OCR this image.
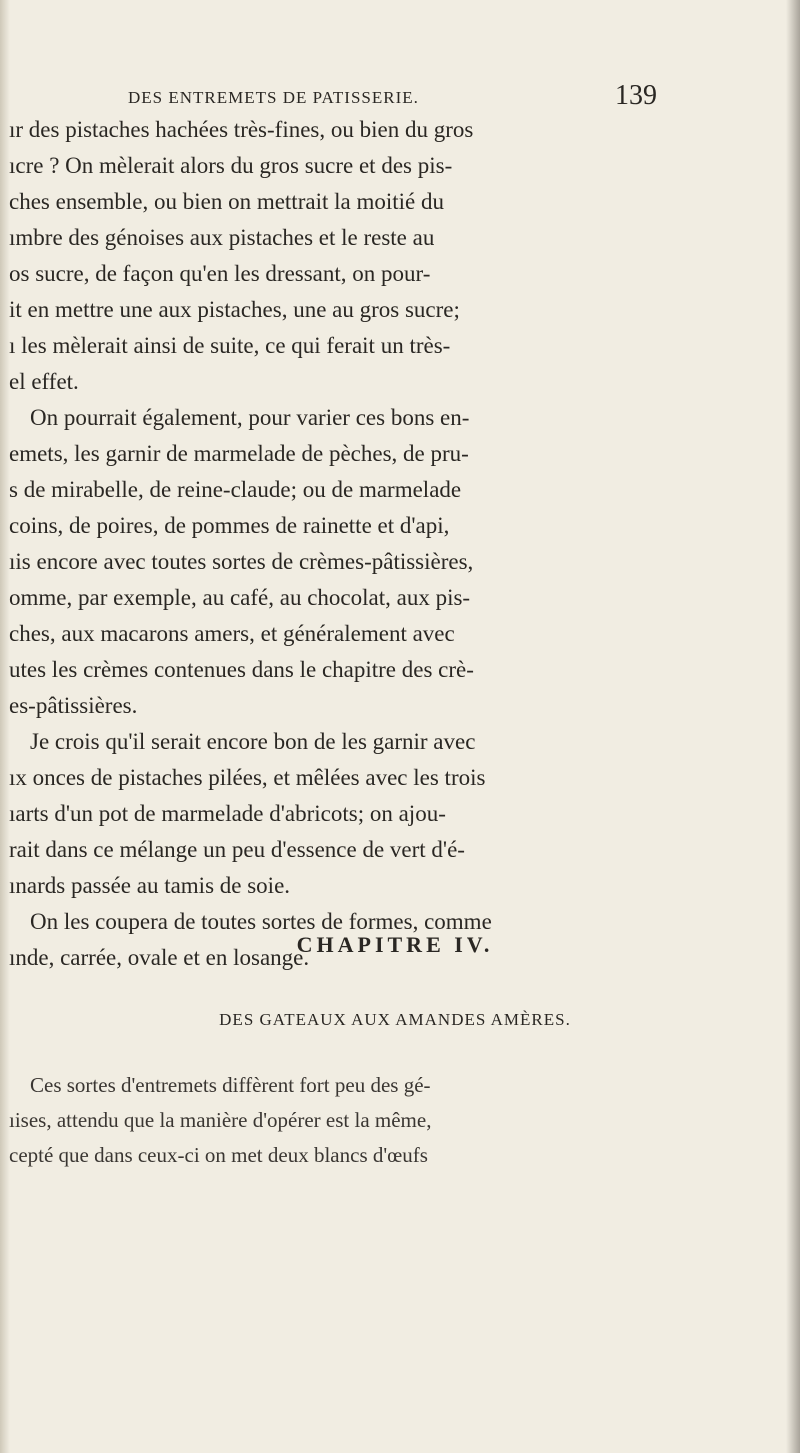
DES ENTREMETS DE PATISSERIE.	139
ır des pistaches hachées très-fines, ou bien du gros
ıcre ? On mèlerait alors du gros sucre et des pis-
ches ensemble, ou bien on mettrait la moitié du
ımbre des génoises aux pistaches et le reste au
os sucre, de façon qu'en les dressant, on pour-
it en mettre une aux pistaches, une au gros sucre;
ı les mèlerait ainsi de suite, ce qui ferait un très-
el effet.
On pourrait également, pour varier ces bons en-
emets, les garnir de marmelade de pèches, de pru-
s de mirabelle, de reine-claude; ou de marmelade
coins, de poires, de pommes de rainette et d'api,
ıis encore avec toutes sortes de crèmes-pâtissières,
omme, par exemple, au café, au chocolat, aux pis-
ches, aux macarons amers, et généralement avec
utes les crèmes contenues dans le chapitre des crè-
es-pâtissières.
Je crois qu'il serait encore bon de les garnir avec
ıx onces de pistaches pilées, et mêlées avec les trois
ıarts d'un pot de marmelade d'abricots; on ajou-
rait dans ce mélange un peu d'essence de vert d'é-
ınards passée au tamis de soie.
On les coupera de toutes sortes de formes, comme
ınde, carrée, ovale et en losange.
CHAPITRE IV.
DES GATEAUX AUX AMANDES AMÈRES.
Ces sortes d'entremets diffèrent fort peu des gé-
ıises, attendu que la manière d'opérer est la même,
cepté que dans ceux-ci on met deux blancs d'œufs
